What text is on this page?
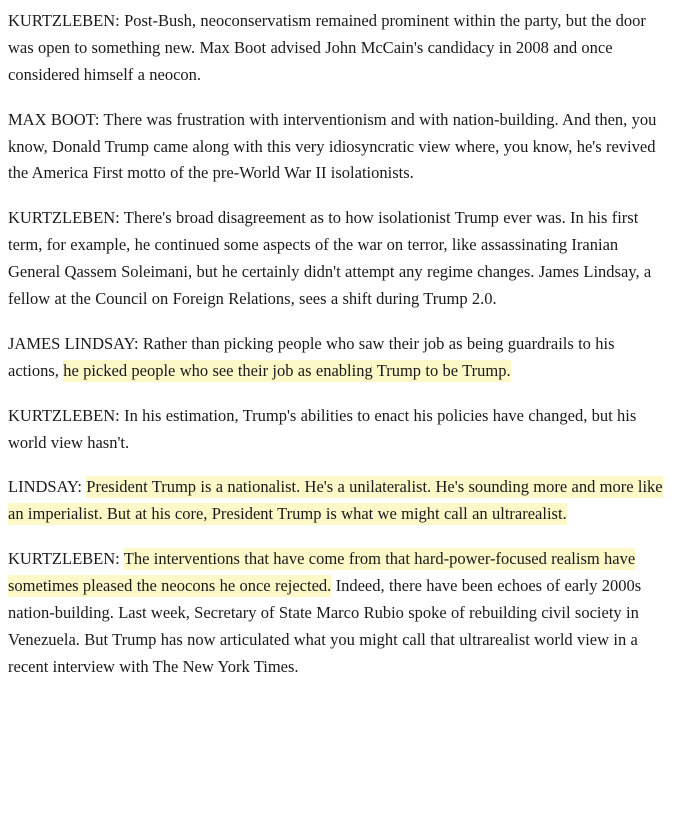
KURTZLEBEN: Post-Bush, neoconservatism remained prominent within the party, but the door was open to something new. Max Boot advised John McCain's candidacy in 2008 and once considered himself a neocon.

MAX BOOT: There was frustration with interventionism and with nation-building. And then, you know, Donald Trump came along with this very idiosyncratic view where, you know, he's revived the America First motto of the pre-World War II isolationists.

KURTZLEBEN: There's broad disagreement as to how isolationist Trump ever was. In his first term, for example, he continued some aspects of the war on terror, like assassinating Iranian General Qassem Soleimani, but he certainly didn't attempt any regime changes. James Lindsay, a fellow at the Council on Foreign Relations, sees a shift during Trump 2.0.

JAMES LINDSAY: Rather than picking people who saw their job as being guardrails to his actions, he picked people who see their job as enabling Trump to be Trump.

KURTZLEBEN: In his estimation, Trump's abilities to enact his policies have changed, but his world view hasn't.

LINDSAY: President Trump is a nationalist. He's a unilateralist. He's sounding more and more like an imperialist. But at his core, President Trump is what we might call an ultrarealist.

KURTZLEBEN: The interventions that have come from that hard-power-focused realism have sometimes pleased the neocons he once rejected. Indeed, there have been echoes of early 2000s nation-building. Last week, Secretary of State Marco Rubio spoke of rebuilding civil society in Venezuela. But Trump has now articulated what you might call that ultrarealist world view in a recent interview with The New York Times.
